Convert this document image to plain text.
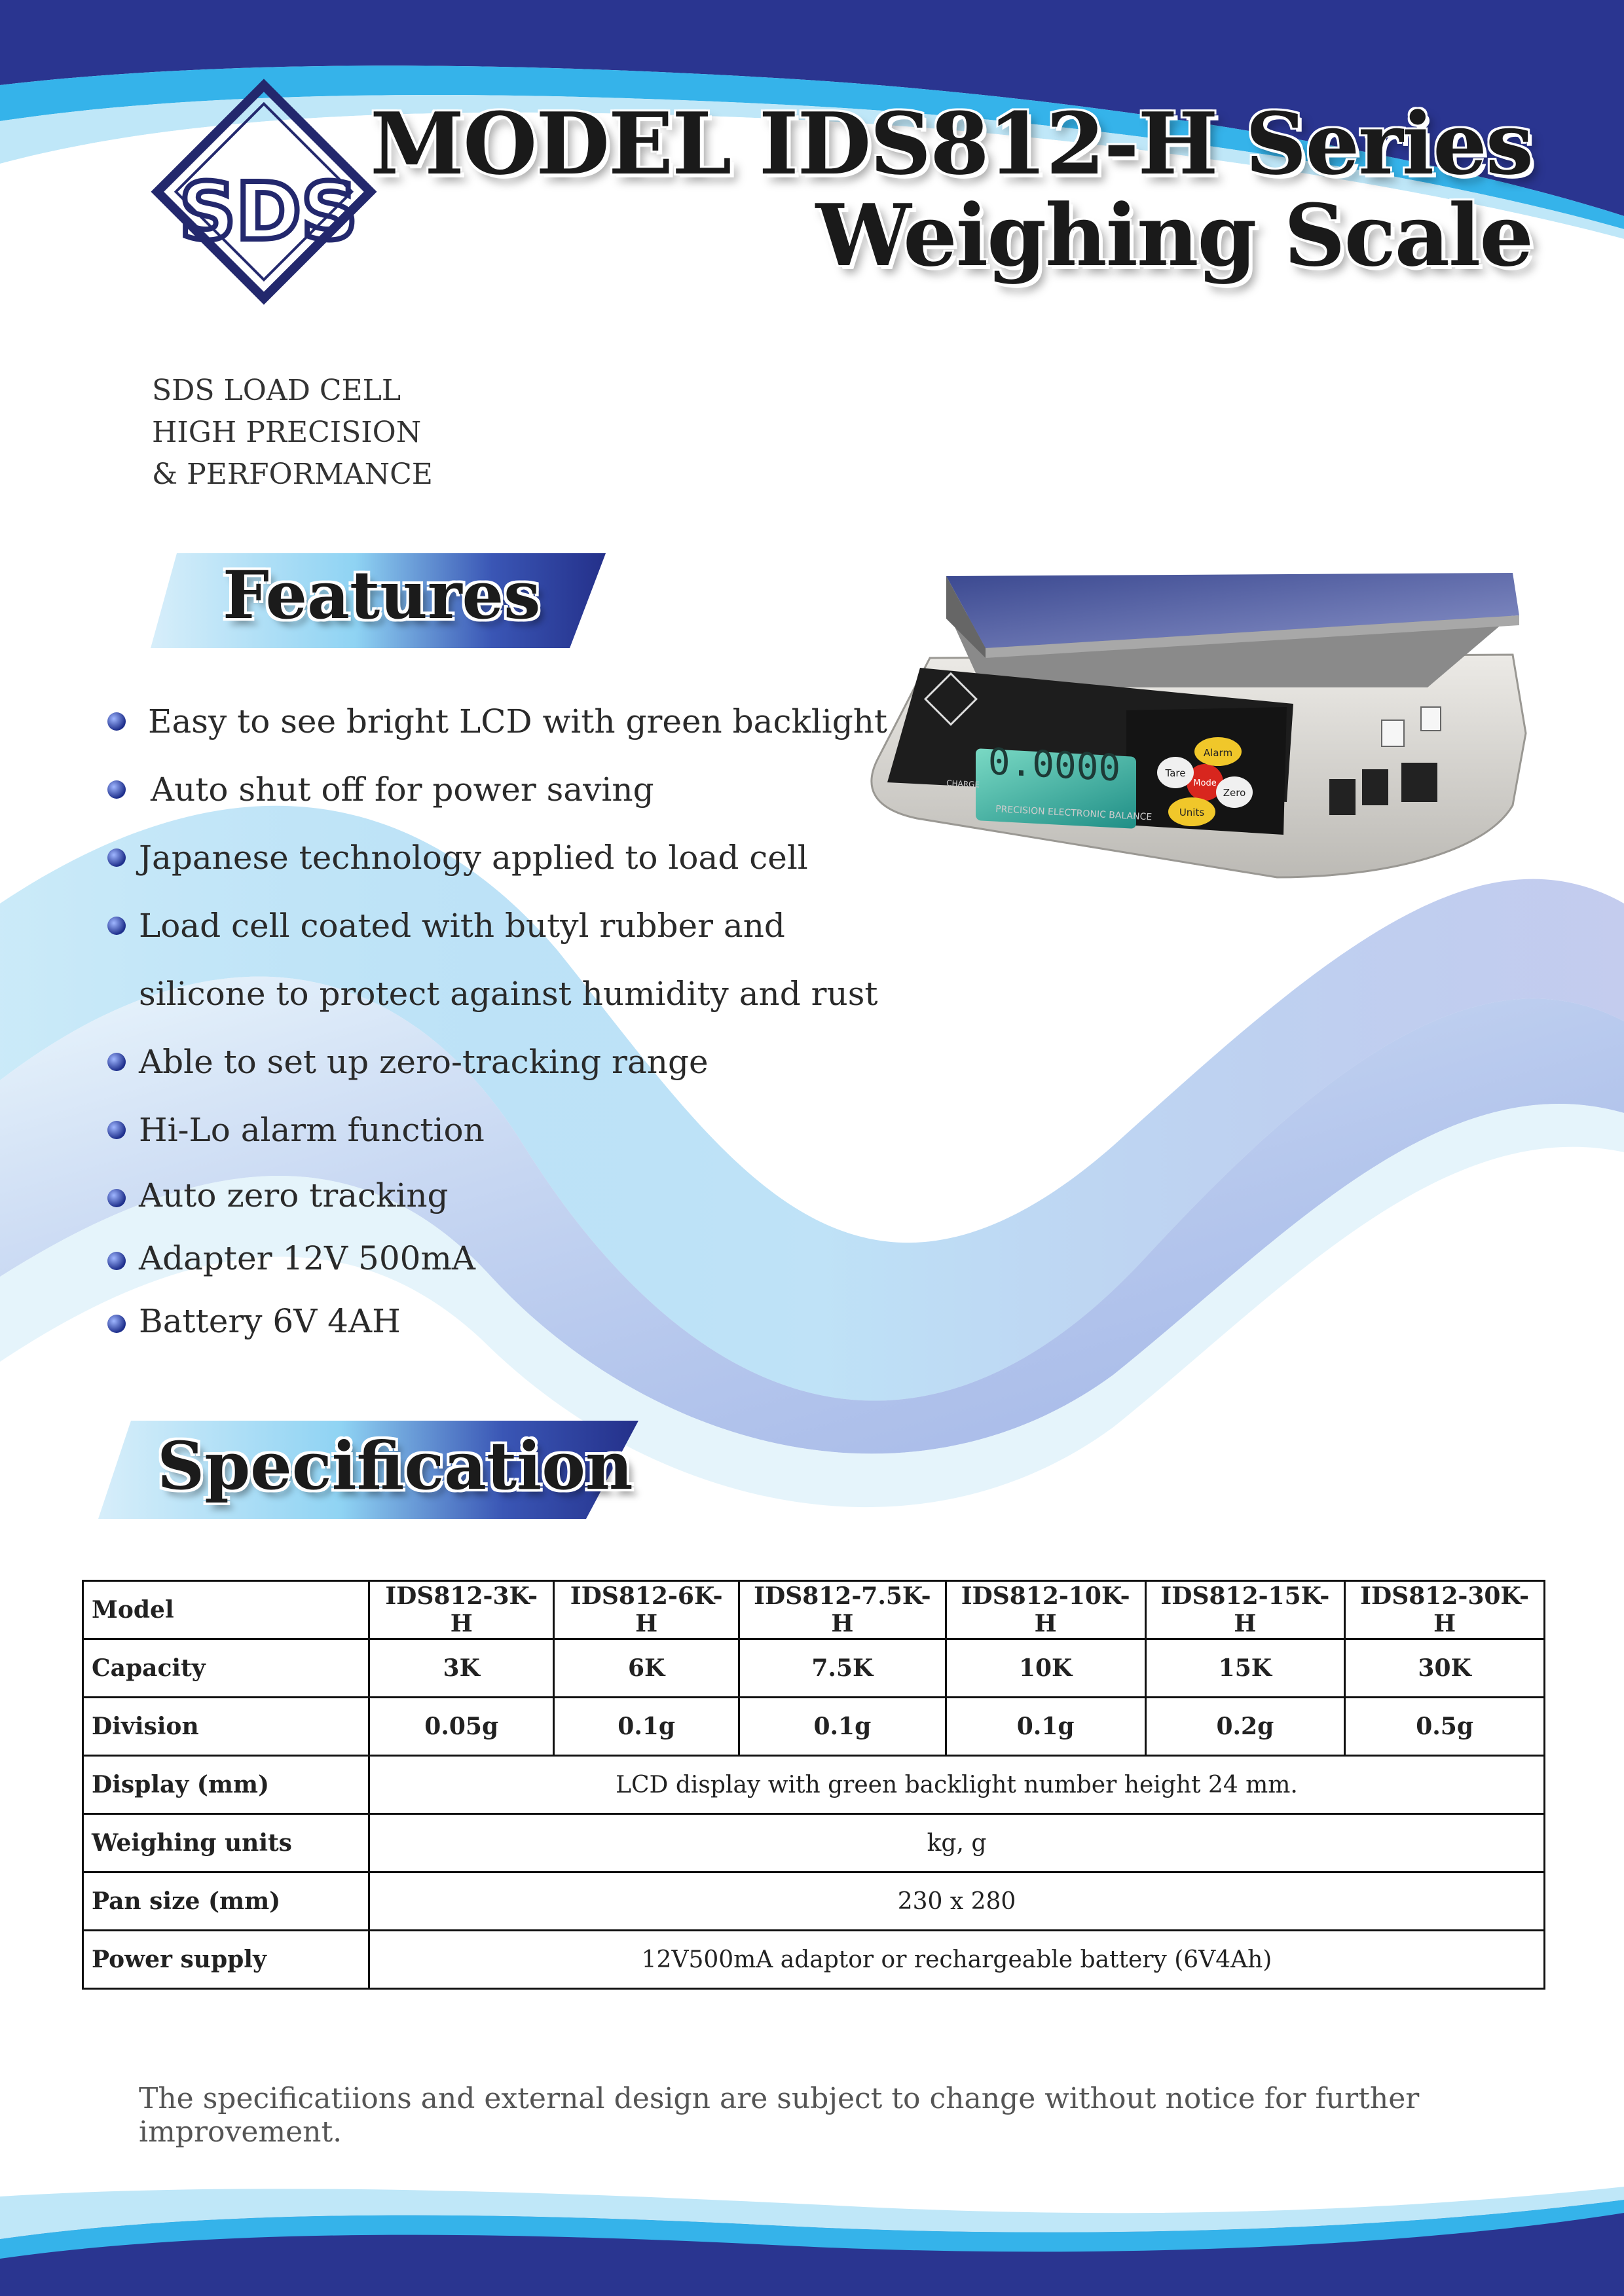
SDS
0.0000
PRECISION ELECTRONIC BALANCE
CHARGE
Alarm
Tare
Mode
Zero
Units
MODEL IDS812-H Series
Weighing Scale
SDS LOAD CELL
HIGH PRECISION
& PERFORMANCE
Features
Easy to see bright LCD with green backlight
Auto shut off for power saving
Japanese technology applied to load cell
Load cell coated with butyl rubber and
silicone to protect against humidity and rust
Able to set up zero-tracking range
Hi-Lo alarm function
Auto zero tracking
Adapter 12V 500mA
Battery 6V 4AH
Specification
Model	IDS812-3K-H	IDS812-6K-H	IDS812-7.5K-H	IDS812-10K-H	IDS812-15K-H	IDS812-30K-H
Capacity	3K	6K	7.5K	10K	15K	30K
Division	0.05g	0.1g	0.1g	0.1g	0.2g	0.5g
Display (mm)	LCD display with green backlight number height 24 mm.					
Weighing units	kg, g					
Pan size (mm)	230 x 280					
Power supply	12V500mA adaptor or rechargeable battery (6V4Ah)					
The specificatiions and external design are subject to change without notice for further improvement.
